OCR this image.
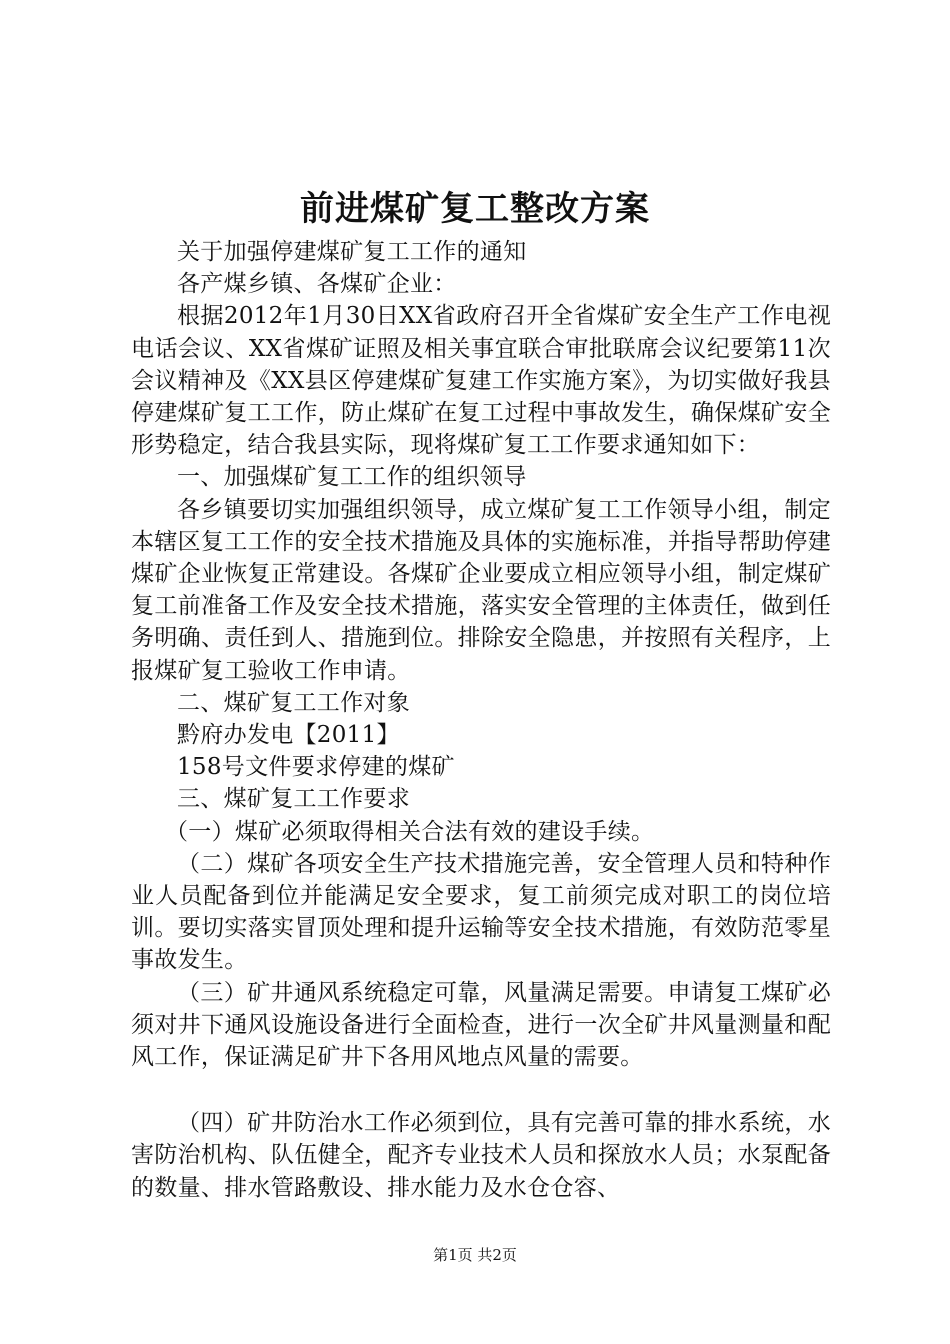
前进煤矿复工整改方案

关于加强停建煤矿复工工作的通知

各产煤乡镇、各煤矿企业：

根据2012年1月30日XX省政府召开全省煤矿安全生产工作电视电话会议、XX省煤矿证照及相关事宜联合审批联席会议纪要第11次会议精神及《XX县区停建煤矿复建工作实施方案》，为切实做好我县停建煤矿复工工作，防止煤矿在复工过程中事故发生，确保煤矿安全形势稳定，结合我县实际，现将煤矿复工工作要求通知如下：

一、加强煤矿复工工作的组织领导

各乡镇要切实加强组织领导，成立煤矿复工工作领导小组，制定本辖区复工工作的安全技术措施及具体的实施标准，并指导帮助停建煤矿企业恢复正常建设。各煤矿企业要成立相应领导小组，制定煤矿复工前准备工作及安全技术措施，落实安全管理的主体责任，做到任务明确、责任到人、措施到位。排除安全隐患，并按照有关程序，上报煤矿复工验收工作申请。

二、煤矿复工工作对象

黔府办发电【2011】

158号文件要求停建的煤矿

三、煤矿复工工作要求

（一）煤矿必须取得相关合法有效的建设手续。

（二）煤矿各项安全生产技术措施完善，安全管理人员和特种作业人员配备到位并能满足安全要求，复工前须完成对职工的岗位培训。要切实落实冒顶处理和提升运输等安全技术措施，有效防范零星事故发生。

（三）矿井通风系统稳定可靠，风量满足需要。申请复工煤矿必须对井下通风设施设备进行全面检查，进行一次全矿井风量测量和配风工作，保证满足矿井下各用风地点风量的需要。

（四）矿井防治水工作必须到位，具有完善可靠的排水系统，水害防治机构、队伍健全，配齐专业技术人员和探放水人员；水泵配备的数量、排水管路敷设、排水能力及水仓仓容、

第1页 共2页
